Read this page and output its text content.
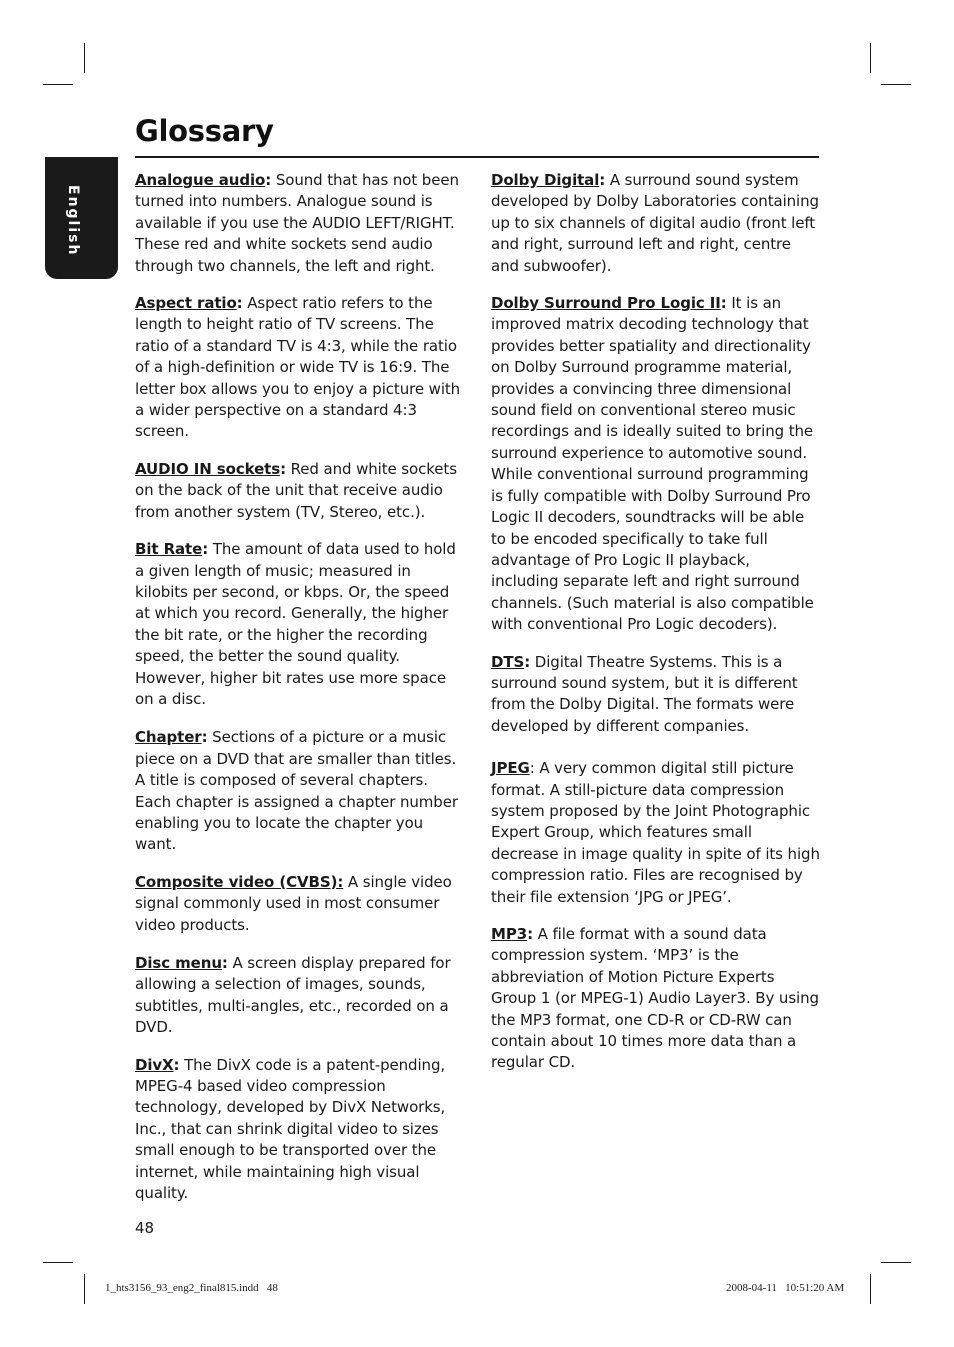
Glossary
English

Analogue audio: Sound that has not been turned into numbers. Analogue sound is available if you use the AUDIO LEFT/RIGHT. These red and white sockets send audio through two channels, the left and right.

Aspect ratio: Aspect ratio refers to the length to height ratio of TV screens. The ratio of a standard TV is 4:3, while the ratio of a high-definition or wide TV is 16:9. The letter box allows you to enjoy a picture with a wider perspective on a standard 4:3 screen.

AUDIO IN sockets: Red and white sockets on the back of the unit that receive audio from another system (TV, Stereo, etc.).

Bit Rate: The amount of data used to hold a given length of music; measured in kilobits per second, or kbps. Or, the speed at which you record. Generally, the higher the bit rate, or the higher the recording speed, the better the sound quality. However, higher bit rates use more space on a disc.

Chapter: Sections of a picture or a music piece on a DVD that are smaller than titles. A title is composed of several chapters. Each chapter is assigned a chapter number enabling you to locate the chapter you want.

Composite video (CVBS): A single video signal commonly used in most consumer video products.

Disc menu: A screen display prepared for allowing a selection of images, sounds, subtitles, multi-angles, etc., recorded on a DVD.

DivX: The DivX code is a patent-pending, MPEG-4 based video compression technology, developed by DivX Networks, Inc., that can shrink digital video to sizes small enough to be transported over the internet, while maintaining high visual quality.

Dolby Digital: A surround sound system developed by Dolby Laboratories containing up to six channels of digital audio (front left and right, surround left and right, centre and subwoofer).

Dolby Surround Pro Logic II: It is an improved matrix decoding technology that provides better spatiality and directionality on Dolby Surround programme material, provides a convincing three dimensional sound field on conventional stereo music recordings and is ideally suited to bring the surround experience to automotive sound. While conventional surround programming is fully compatible with Dolby Surround Pro Logic II decoders, soundtracks will be able to be encoded specifically to take full advantage of Pro Logic II playback, including separate left and right surround channels. (Such material is also compatible with conventional Pro Logic decoders).

DTS: Digital Theatre Systems. This is a surround sound system, but it is different from the Dolby Digital. The formats were developed by different companies.

JPEG: A very common digital still picture format. A still-picture data compression system proposed by the Joint Photographic Expert Group, which features small decrease in image quality in spite of its high compression ratio. Files are recognised by their file extension ‘JPG or JPEG’.

MP3: A file format with a sound data compression system. ‘MP3’ is the abbreviation of Motion Picture Experts Group 1 (or MPEG-1) Audio Layer3. By using the MP3 format, one CD-R or CD-RW can contain about 10 times more data than a regular CD.

48
1_hts3156_93_eng2_final815.indd   48	2008-04-11   10:51:20 AM
